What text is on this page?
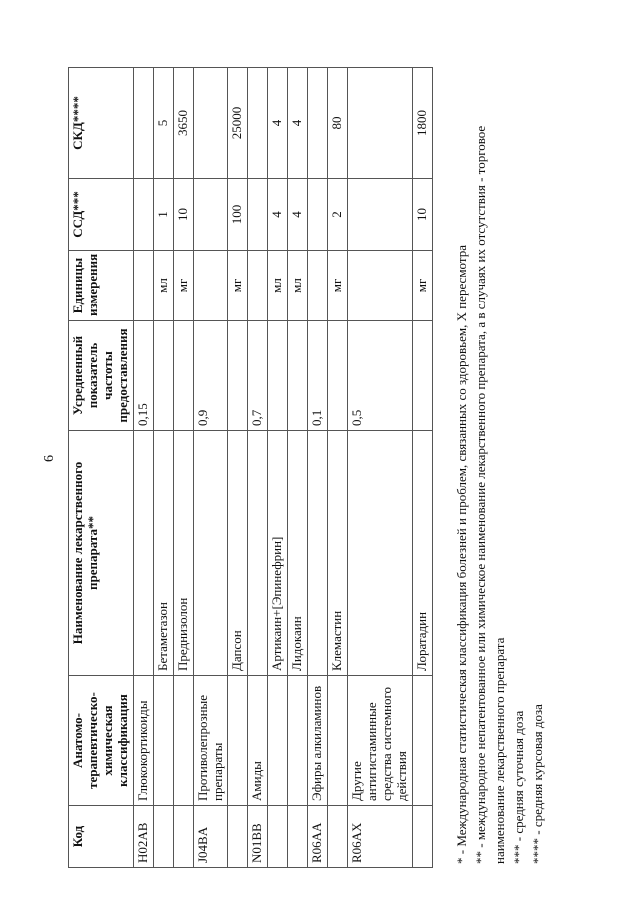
6
Код	Анатомо-терапевтическо-химическая классификация	Наименование лекарственного препарата**	Усредненный показатель частоты предоставления	Единицы измерения	ССД***	СКД****
H02AB	Глюкокортикоиды		0,15			
		Бетаметазон		мл	1	5
		Преднизолон		мг	10	3650
J04BA	Противолепрозные препараты		0,9			
		Дапсон		мг	100	25000
N01BB	Амиды		0,7			
		Артикаин+[Эпинефрин]		мл	4	4
		Лидокаин		мл	4	4
R06AA	Эфиры алкиламинов		0,1			
		Клемастин		мг	2	80
R06AX	Другие антигистаминные средства системного действия		0,5			
		Лоратадин		мг	10	1800

* - Международная статистическая классификация болезней и проблем, связанных со здоровьем, X пересмотра ** - международное непатентованное или химическое наименование лекарственного препарата, а в случаях их отсутствия - торговое наименование лекарственного препарата *** - средняя суточная доза **** - средняя курсовая доза
